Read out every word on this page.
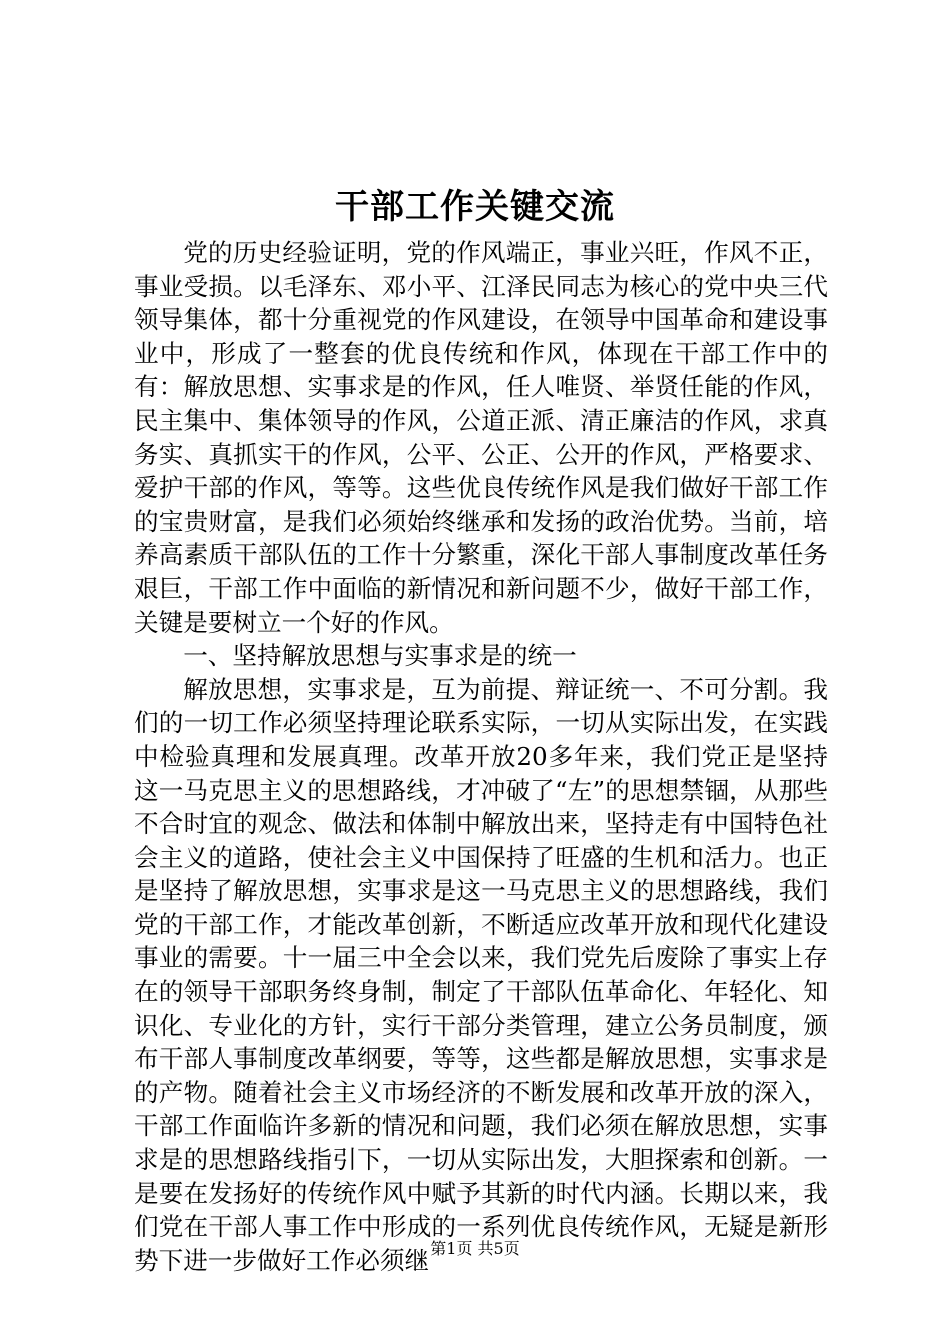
干部工作关键交流

党的历史经验证明，党的作风端正，事业兴旺，作风不正，事业受损。以毛泽东、邓小平、江泽民同志为核心的党中央三代领导集体，都十分重视党的作风建设，在领导中国革命和建设事业中，形成了一整套的优良传统和作风，体现在干部工作中的有：解放思想、实事求是的作风，任人唯贤、举贤任能的作风，民主集中、集体领导的作风，公道正派、清正廉洁的作风，求真务实、真抓实干的作风，公平、公正、公开的作风，严格要求、爱护干部的作风，等等。这些优良传统作风是我们做好干部工作的宝贵财富，是我们必须始终继承和发扬的政治优势。当前，培养高素质干部队伍的工作十分繁重，深化干部人事制度改革任务艰巨，干部工作中面临的新情况和新问题不少，做好干部工作，关键是要树立一个好的作风。

一、坚持解放思想与实事求是的统一

解放思想，实事求是，互为前提、辩证统一、不可分割。我们的一切工作必须坚持理论联系实际，一切从实际出发，在实践中检验真理和发展真理。改革开放20多年来，我们党正是坚持这一马克思主义的思想路线，才冲破了“左”的思想禁锢，从那些不合时宜的观念、做法和体制中解放出来，坚持走有中国特色社会主义的道路，使社会主义中国保持了旺盛的生机和活力。也正是坚持了解放思想，实事求是这一马克思主义的思想路线，我们党的干部工作，才能改革创新，不断适应改革开放和现代化建设事业的需要。十一届三中全会以来，我们党先后废除了事实上存在的领导干部职务终身制，制定了干部队伍革命化、年轻化、知识化、专业化的方针，实行干部分类管理，建立公务员制度，颁布干部人事制度改革纲要，等等，这些都是解放思想，实事求是的产物。随着社会主义市场经济的不断发展和改革开放的深入，干部工作面临许多新的情况和问题，我们必须在解放思想，实事求是的思想路线指引下，一切从实际出发，大胆探索和创新。一是要在发扬好的传统作风中赋予其新的时代内涵。长期以来，我们党在干部人事工作中形成的一系列优良传统作风，无疑是新形势下进一步做好工作必须继 第1页 共5页
